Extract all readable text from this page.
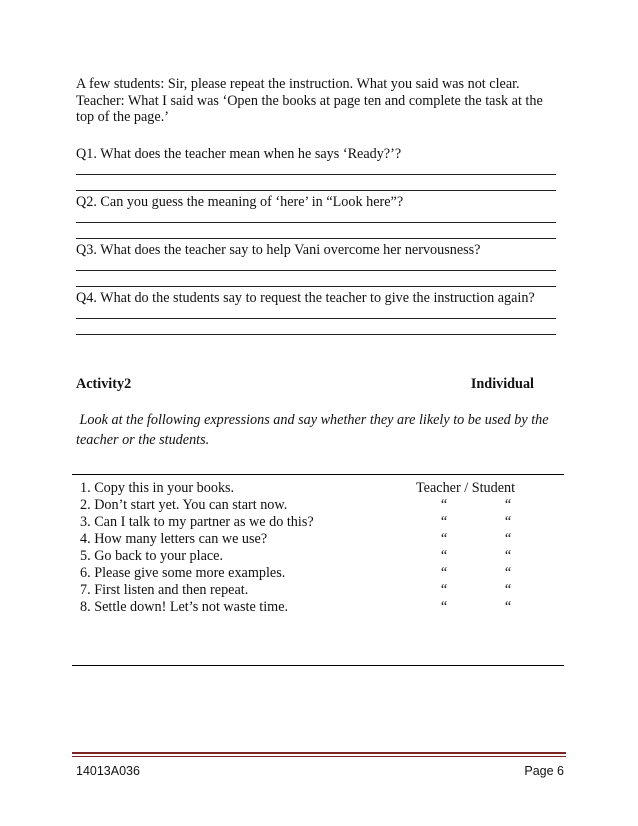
A few students: Sir, please repeat the instruction. What you said was not clear.
Teacher: What I said was ‘Open the books at page ten and complete the task at the
top of the page.’
Q1. What does the teacher mean when he says ‘Ready?’?
Q2. Can you guess the meaning of ‘here’ in “Look here”?
Q3. What does the teacher say to help Vani overcome her nervousness?
Q4. What do the students say to request the teacher to give the instruction again?
Activity2	Individual
Look at the following expressions and say whether they are likely to be used by the
teacher or the students.
1. Copy this in your books.	Teacher / Student
2. Don’t start yet. You can start now.	“	“
3. Can I talk to my partner as we do this?	“	“
4. How many letters can we use?	“	“
5. Go back to your place.	“	“
6. Please give some more examples.	“	“
7. First listen and then repeat.	“	“
8. Settle down! Let’s not waste time.	“	“
14013A036	Page 6
